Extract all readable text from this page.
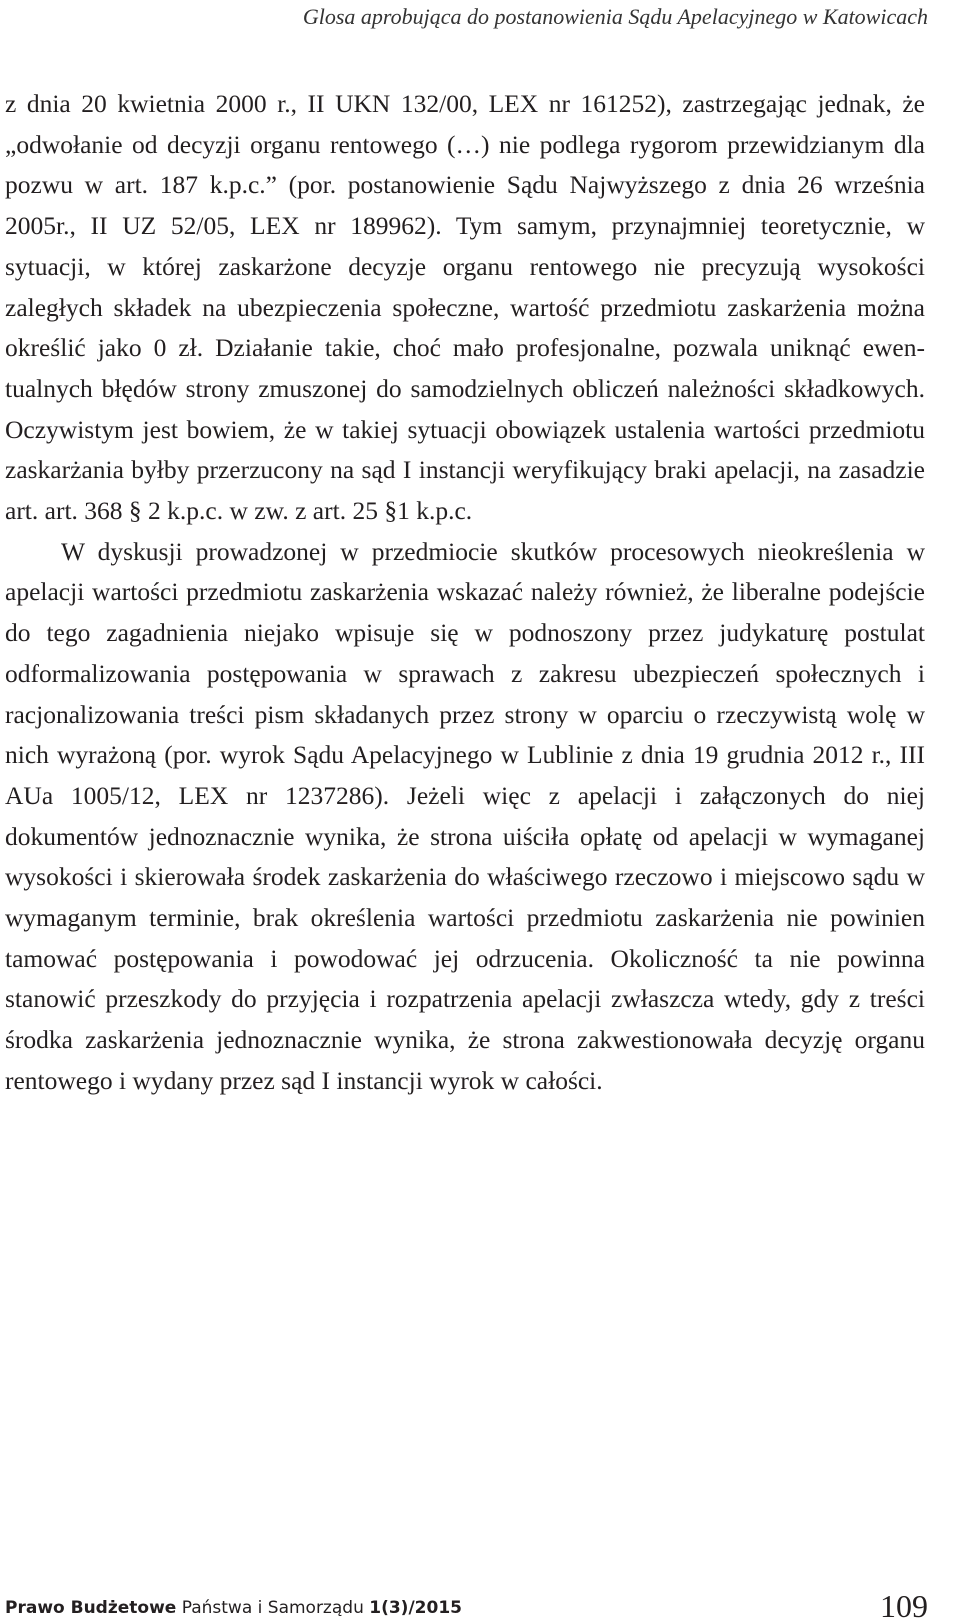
Glosa aprobująca do postanowienia Sądu Apelacyjnego w Katowicach

z dnia 20 kwietnia 2000 r., II UKN 132/00, LEX nr 161252), zastrzegając jednak, że „odwołanie od decyzji organu rentowego (…) nie podlega rygorom przewidzianym dla pozwu w art. 187 k.p.c.” (por. postanowienie Sądu Najwyższego z dnia 26 września 2005r., II UZ 52/05, LEX nr 189962). Tym samym, przynajmniej teoretycznie, w sytuacji, w której zaskarżone decyzje organu rentowego nie precyzują wysokości zaległych składek na ubezpieczenia społeczne, wartość przedmiotu zaskarżenia można określić jako 0 zł. Działanie takie, choć mało profesjonalne, pozwala uniknąć ewentualnych błędów strony zmuszonej do samodzielnych obliczeń należności składkowych. Oczywistym jest bowiem, że w takiej sytuacji obowiązek ustalenia wartości przedmiotu zaskarżania byłby przerzucony na sąd I instancji weryfikujący braki apelacji, na zasadzie art. art. 368 § 2 k.p.c. w zw. z art. 25 §1 k.p.c.

W dyskusji prowadzonej w przedmiocie skutków procesowych nieokreślenia w apelacji wartości przedmiotu zaskarżenia wskazać należy również, że liberalne podejście do tego zagadnienia niejako wpisuje się w podnoszony przez judykaturę postulat odformalizowania postępowania w sprawach z zakresu ubezpieczeń społecznych i racjonalizowania treści pism składanych przez strony w oparciu o rzeczywistą wolę w nich wyrażoną (por. wyrok Sądu Apelacyjnego w Lublinie z dnia 19 grudnia 2012 r., III AUa 1005/12, LEX nr 1237286). Jeżeli więc z apelacji i załączonych do niej dokumentów jednoznacznie wynika, że strona uiściła opłatę od apelacji w wymaganej wysokości i skierowała środek zaskarżenia do właściwego rzeczowo i miejscowo sądu w wymaganym terminie, brak określenia wartości przedmiotu zaskarżenia nie powinien tamować postępowania i powodować jej odrzucenia. Okoliczność ta nie powinna stanowić przeszkody do przyjęcia i rozpatrzenia apelacji zwłaszcza wtedy, gdy z treści środka zaskarżenia jednoznacznie wynika, że strona zakwestionowała decyzję organu rentowego i wydany przez sąd I instancji wyrok w całości.

Prawo Budżetowe Państwa i Samorządu 1(3)/2015	109
